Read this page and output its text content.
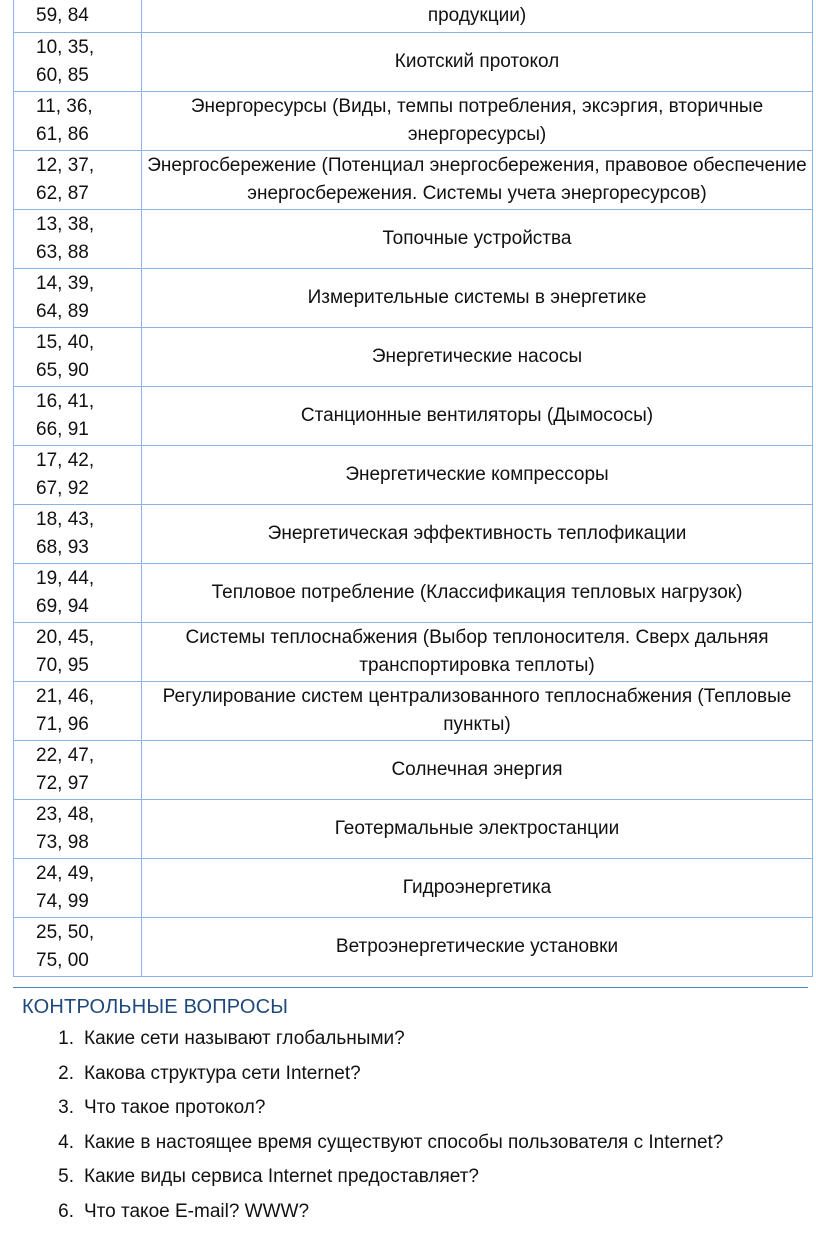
59, 84	продукции)

10, 35,
60, 85	Киотский протокол

11, 36,
61, 86	Энергоресурсы (Виды, темпы потребления, эксэргия, вторичные энергоресурсы)

12, 37,
62, 87	Энергосбережение (Потенциал энергосбережения, правовое обеспечение энергосбережения. Системы учета энергоресурсов)

13, 38,
63, 88	Топочные устройства

14, 39,
64, 89	Измерительные системы в энергетике

15, 40,
65, 90	Энергетические насосы

16, 41,
66, 91	Станционные вентиляторы (Дымососы)

17, 42,
67, 92	Энергетические компрессоры

18, 43,
68, 93	Энергетическая эффективность теплофикации

19, 44,
69, 94	Тепловое потребление (Классификация тепловых нагрузок)

20, 45,
70, 95	Системы теплоснабжения (Выбор теплоносителя. Сверх дальняя транспортировка теплоты)

21, 46,
71, 96	Регулирование систем централизованного теплоснабжения (Тепловые пункты)

22, 47,
72, 97	Солнечная энергия

23, 48,
73, 98	Геотермальные электростанции

24, 49,
74, 99	Гидроэнергетика

25, 50,
75, 00	Ветроэнергетические установки
КОНТРОЛЬНЫЕ ВОПРОСЫ
1. Какие сети называют глобальными?
2. Какова структура сети Internet?
3. Что такое протокол?
4. Какие в настоящее время существуют способы пользователя с Internet?
5. Какие виды сервиса Internet предоставляет?
6. Что такое E-mail? WWW?
